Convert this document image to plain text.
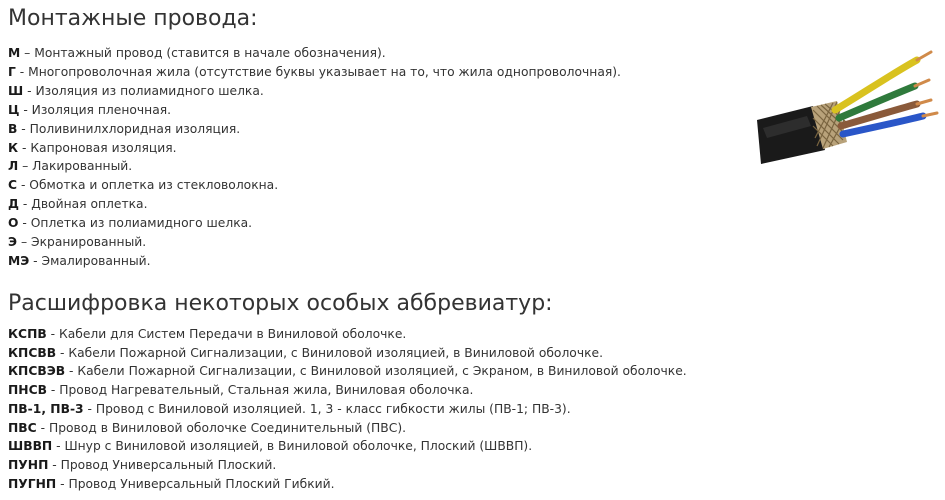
Монтажные провода:
М – Монтажный провод (ставится в начале обозначения).
Г - Многопроволочная жила (отсутствие буквы указывает на то, что жила однопроволочная).
Ш - Изоляция из полиамидного шелка.
Ц - Изоляция пленочная.
В - Поливинилхлоридная изоляция.
К - Капроновая изоляция.
Л – Лакированный.
С - Обмотка и оплетка из стекловолокна.
Д - Двойная оплетка.
О - Оплетка из полиамидного шелка.
Э – Экранированный.
МЭ - Эмалированный.
Расшифровка некоторых особых аббревиатур:
КСПВ - Кабели для Систем Передачи в Виниловой оболочке.
КПСВВ - Кабели Пожарной Сигнализации, с Виниловой изоляцией, в Виниловой оболочке.
КПСВЭВ - Кабели Пожарной Сигнализации, с Виниловой изоляцией, с Экраном, в Виниловой оболочке.
ПНСВ - Провод Нагревательный, Стальная жила, Виниловая оболочка.
ПВ-1, ПВ-3 - Провод с Виниловой изоляцией. 1, 3 - класс гибкости жилы (ПВ-1; ПВ-3).
ПВС - Провод в Виниловой оболочке Соединительный (ПВС).
ШВВП - Шнур с Виниловой изоляцией, в Виниловой оболочке, Плоский (ШВВП).
ПУНП - Провод Универсальный Плоский.
ПУГНП - Провод Универсальный Плоский Гибкий.
